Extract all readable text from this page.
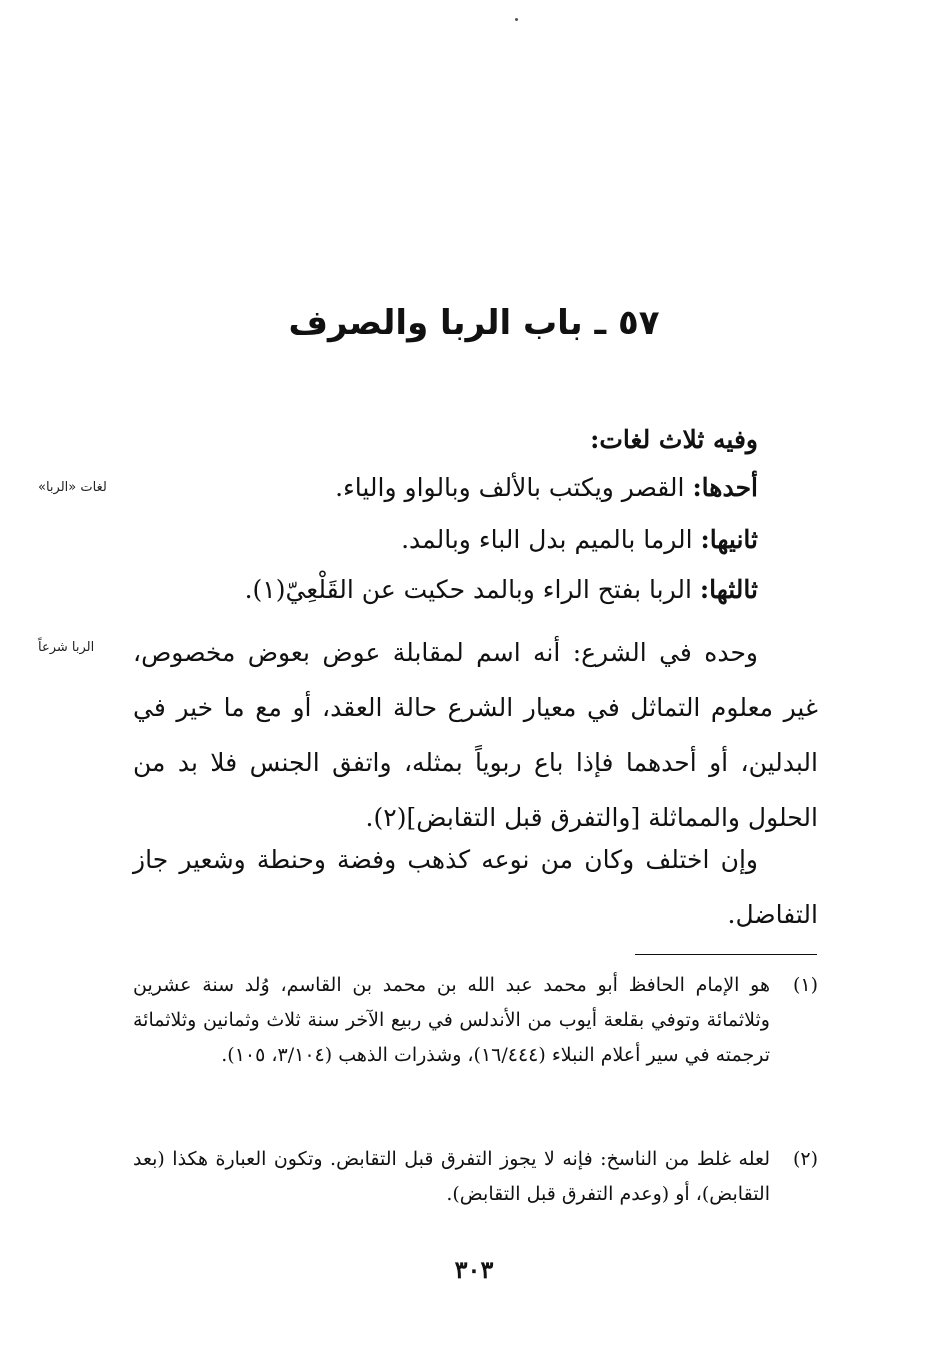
٥٧ ـ باب الربا والصرف
وفيه ثلاث لغات:
أحدها: القصر ويكتب بالألف وبالواو والياء.
لغات «الربا»
ثانيها: الرما بالميم بدل الباء وبالمد.
ثالثها: الربا بفتح الراء وبالمد حكيت عن القَلْعِيّ(١).
وحده في الشرع: أنه اسم لمقابلة عوض بعوض مخصوص، غير معلوم التماثل في معيار الشرع حالة العقد، أو مع ما خير في البدلين، أو أحدهما فإذا باع ربوياً بمثله، واتفق الجنس فلا بد من الحلول والمماثلة [والتفرق قبل التقابض](٢).
الربا شرعاً
وإن اختلف وكان من نوعه كذهب وفضة وحنطة وشعير جاز التفاضل.
(١)
هو الإمام الحافظ أبو محمد عبد الله بن محمد بن القاسم، وُلد سنة عشرين وثلاثمائة وتوفي بقلعة أيوب من الأندلس في ربيع الآخر سنة ثلاث وثمانين وثلاثمائة ترجمته في سير أعلام النبلاء (١٦/٤٤٤)، وشذرات الذهب (٣/١٠٤، ١٠٥).
(٢)
لعله غلط من الناسخ: فإنه لا يجوز التفرق قبل التقابض. وتكون العبارة هكذا (بعد التقابض)، أو (وعدم التفرق قبل التقابض).
٣٠٣
